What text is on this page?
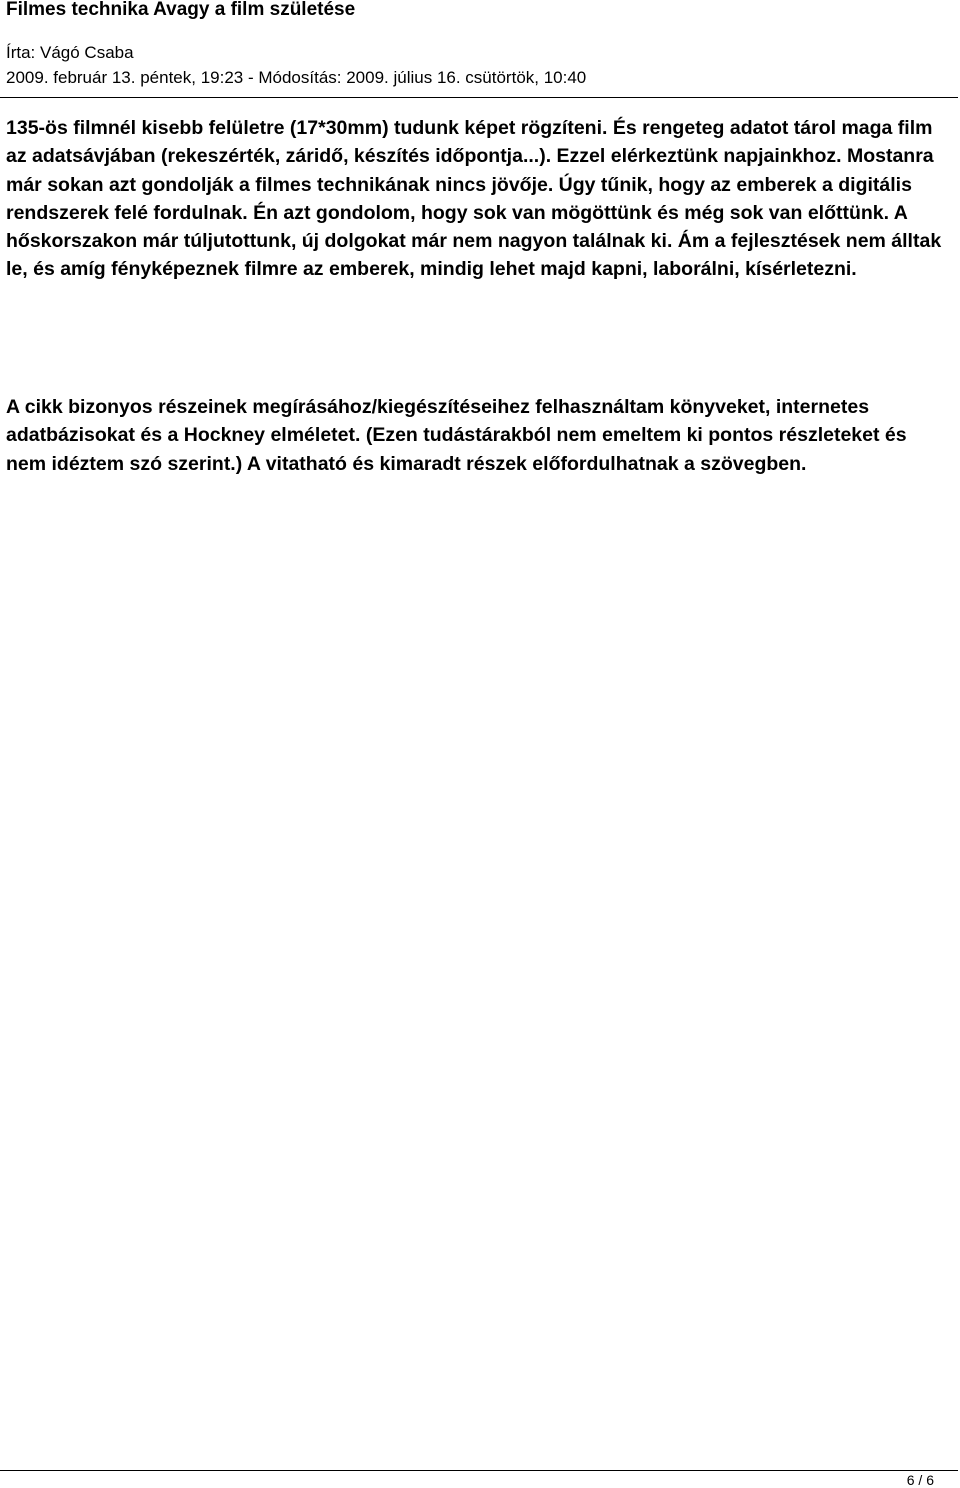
Filmes technika Avagy a film születése
Írta: Vágó Csaba
2009. február 13. péntek, 19:23 - Módosítás: 2009. július 16. csütörtök, 10:40

135-ös filmnél kisebb felületre (17*30mm) tudunk képet rögzíteni. És rengeteg adatot tárol maga film az adatsávjában (rekeszérték, záridő, készítés időpontja...). Ezzel elérkeztünk napjainkhoz. Mostanra már sokan azt gondolják a filmes technikának nincs jövője. Úgy tűnik, hogy az emberek a digitális rendszerek felé fordulnak. Én azt gondolom, hogy sok van mögöttünk és még sok van előttünk. A hőskorszakon már túljutottunk, új dolgokat már nem nagyon találnak ki. Ám a fejlesztések nem álltak le, és amíg fényképeznek filmre az emberek, mindig lehet majd kapni, laborálni, kísérletezni.

A cikk bizonyos részeinek megírásához/kiegészítéseihez felhasználtam könyveket, internetes adatbázisokat és a Hockney elméletet. (Ezen tudástárakból nem emeltem ki pontos részleteket és nem idéztem szó szerint.) A vitatható és kimaradt részek előfordulhatnak a szövegben.

6 / 6
